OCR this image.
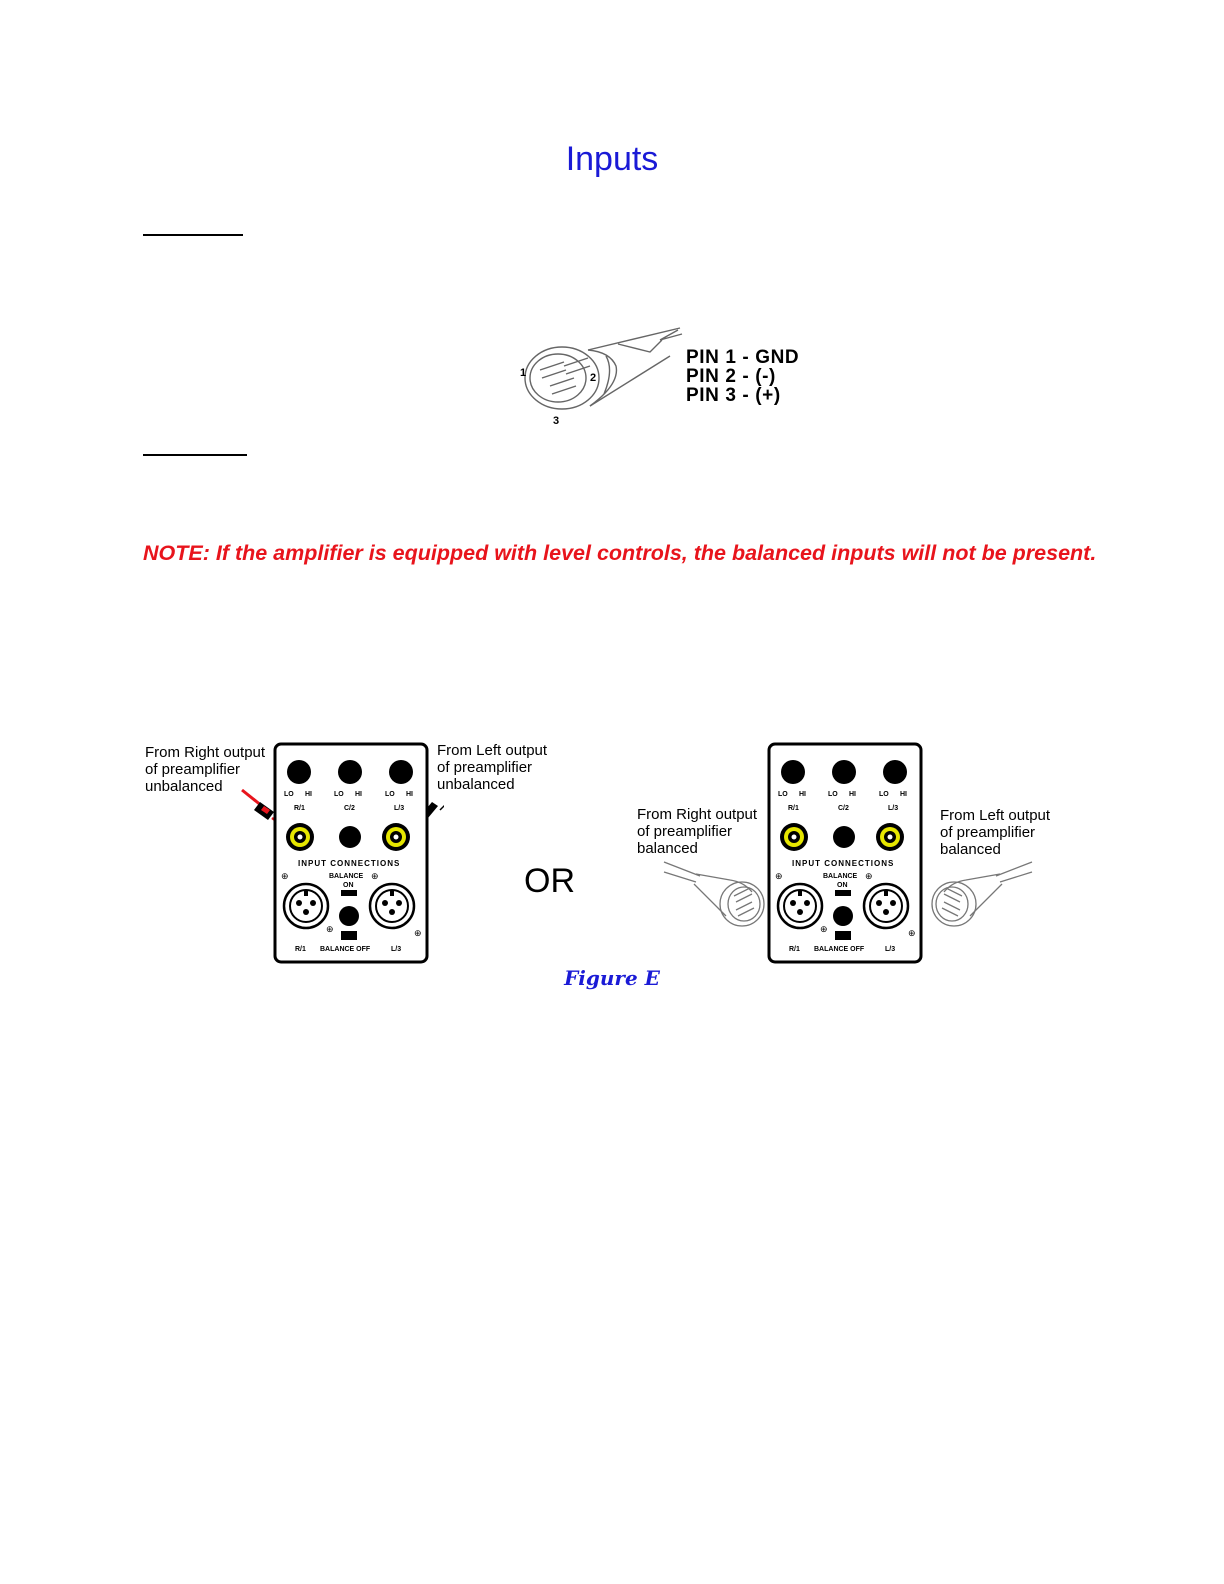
Inputs
1	2
3
PIN 1 - GND
PIN 2 - (-)
PIN 3 - (+)
NOTE: If the amplifier is equipped with level controls, the balanced inputs will not be present.
From Right output
of preamplifier
unbalanced
From Left output
of preamplifier
unbalanced
LO HI	LO HI	LO HI
R/1	C/2	L/3
INPUT CONNECTIONS
BALANCE
ON
⊕	⊕
⊕	⊕
R/1 BALANCE OFF	L/3
OR
From Right output
of preamplifier
balanced
From Left output
of preamplifier
balanced
LO HI	LO HI	LO HI
R/1	C/2	L/3
INPUT CONNECTIONS
BALANCE
ON
⊕	⊕
⊕	⊕
R/1 BALANCE OFF	L/3
Figure E
